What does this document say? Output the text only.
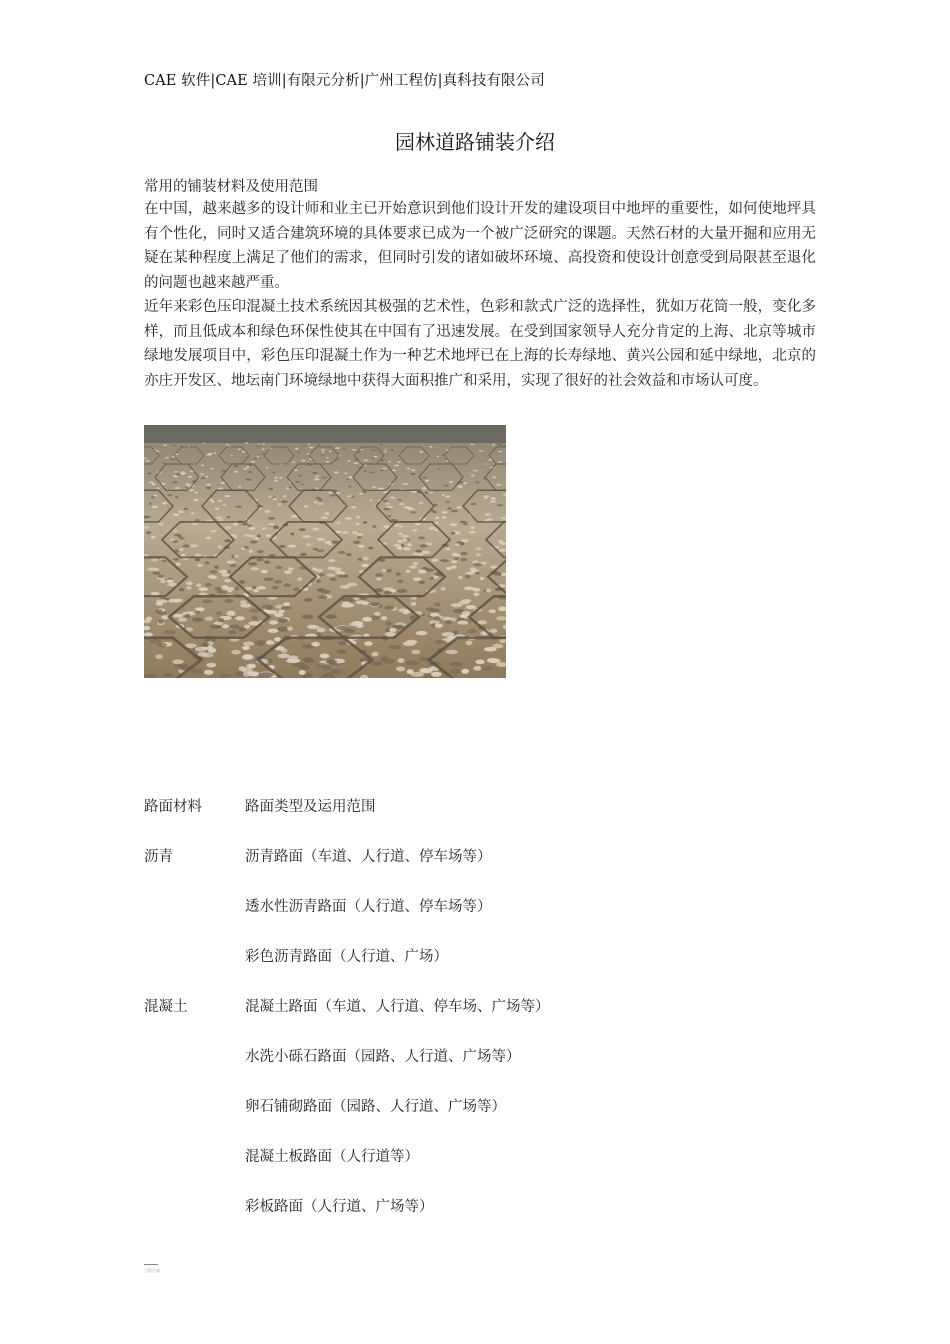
CAE 软件|CAE 培训|有限元分析|广州工程仿|真科技有限公司
园林道路铺装介绍
常用的铺装材料及使用范围

在中国，越来越多的设计师和业主已开始意识到他们设计开发的建设项目中地坪的重要性，如何使地坪具有个性化，同时又适合建筑环境的具体要求已成为一个被广泛研究的课题。天然石材的大量开掘和应用无疑在某种程度上满足了他们的需求，但同时引发的诸如破坏环境、高投资和使设计创意受到局限甚至退化的问题也越来越严重。

近年来彩色压印混凝土技术系统因其极强的艺术性，色彩和款式广泛的选择性，犹如万花筒一般，变化多样，而且低成本和绿色环保性使其在中国有了迅速发展。在受到国家领导人充分肯定的上海、北京等城市绿地发展项目中，彩色压印混凝土作为一种艺术地坪已在上海的长寿绿地、黄兴公园和延中绿地，北京的亦庄开发区、地坛南门环境绿地中获得大面积推广和采用，实现了很好的社会效益和市场认可度。

路面材料	路面类型及运用范围
沥青	沥青路面（车道、人行道、停车场等）
透水性沥青路面（人行道、停车场等）
彩色沥青路面（人行道、广场）
混凝土	混凝土路面（车道、人行道、停车场、广场等）
水洗小砾石路面（园路、人行道、广场等）
卵石铺砌路面（园路、人行道、广场等）
混凝土板路面（人行道等）
彩板路面（人行道、广场等）
工程仿真
